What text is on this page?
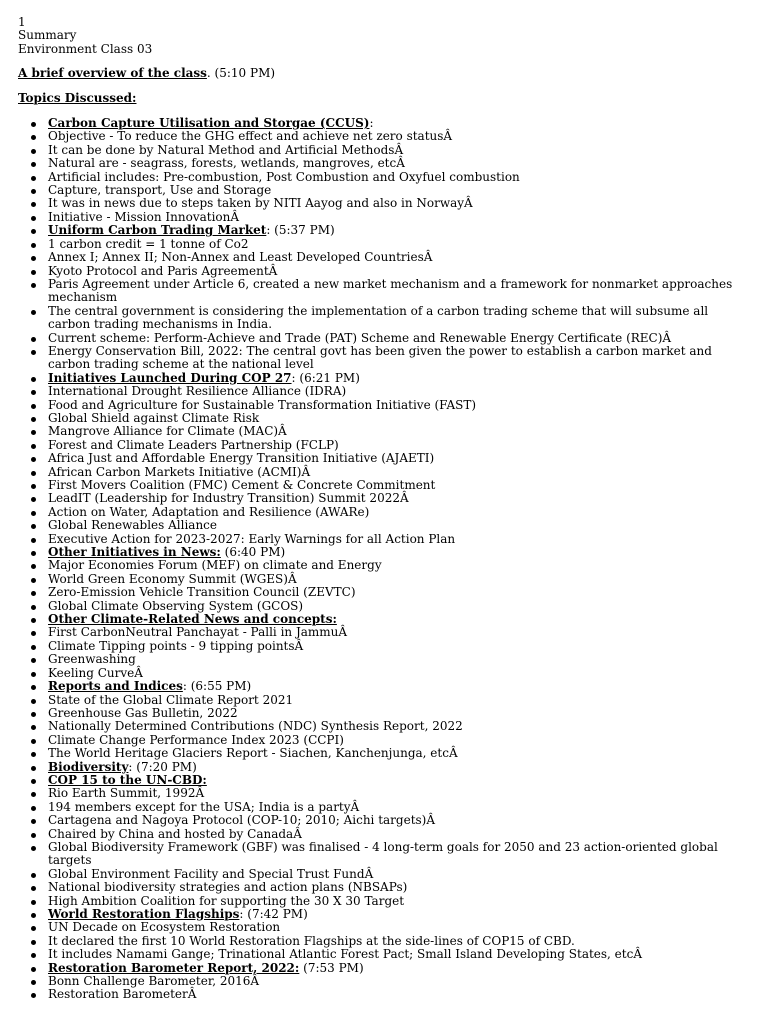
1
Summary
Environment Class 03

A brief overview of the class. (5:10 PM)

Topics Discussed:

Carbon Capture Utilisation and Storgae (CCUS):
Objective - To reduce the GHG effect and achieve net zero statusÂ
It can be done by Natural Method and Artificial MethodsÂ
Natural are - seagrass, forests, wetlands, mangroves, etcÂ
Artificial includes: Pre-combustion, Post Combustion and Oxyfuel combustion
Capture, transport, Use and Storage
It was in news due to steps taken by NITI Aayog and also in NorwayÂ
Initiative - Mission InnovationÂ
Uniform Carbon Trading Market: (5:37 PM)
1 carbon credit = 1 tonne of Co2
Annex I; Annex II; Non-Annex and Least Developed CountriesÂ
Kyoto Protocol and Paris AgreementÂ
Paris Agreement under Article 6, created a new market mechanism and a framework for nonmarket approaches mechanism
The central government is considering the implementation of a carbon trading scheme that will subsume all carbon trading mechanisms in India.
Current scheme: Perform-Achieve and Trade (PAT) Scheme and Renewable Energy Certificate (REC)Â
Energy Conservation Bill, 2022: The central govt has been given the power to establish a carbon market and carbon trading scheme at the national level
Initiatives Launched During COP 27: (6:21 PM)
International Drought Resilience Alliance (IDRA)
Food and Agriculture for Sustainable Transformation Initiative (FAST)
Global Shield against Climate Risk
Mangrove Alliance for Climate (MAC)Â
Forest and Climate Leaders Partnership (FCLP)
Africa Just and Affordable Energy Transition Initiative (AJAETI)
African Carbon Markets Initiative (ACMI)Â
First Movers Coalition (FMC) Cement & Concrete Commitment
LeadIT (Leadership for Industry Transition) Summit 2022Â
Action on Water, Adaptation and Resilience (AWARe)
Global Renewables Alliance
Executive Action for 2023-2027: Early Warnings for all Action Plan
Other Initiatives in News: (6:40 PM)
Major Economies Forum (MEF) on climate and Energy
World Green Economy Summit (WGES)Â
Zero-Emission Vehicle Transition Council (ZEVTC)
Global Climate Observing System (GCOS)
Other Climate-Related News and concepts:
First CarbonNeutral Panchayat - Palli in JammuÂ
Climate Tipping points - 9 tipping pointsÂ
Greenwashing
Keeling CurveÂ
Reports and Indices: (6:55 PM)
State of the Global Climate Report 2021
Greenhouse Gas Bulletin, 2022
Nationally Determined Contributions (NDC) Synthesis Report, 2022
Climate Change Performance Index 2023 (CCPI)
The World Heritage Glaciers Report - Siachen, Kanchenjunga, etcÂ
Biodiversity: (7:20 PM)
COP 15 to the UN-CBD:
Rio Earth Summit, 1992Â
194 members except for the USA; India is a partyÂ
Cartagena and Nagoya Protocol (COP-10; 2010; Aichi targets)Â
Chaired by China and hosted by CanadaÂ
Global Biodiversity Framework (GBF) was finalised - 4 long-term goals for 2050 and 23 action-oriented global targets
Global Environment Facility and Special Trust FundÂ
National biodiversity strategies and action plans (NBSAPs)
High Ambition Coalition for supporting the 30 X 30 Target
World Restoration Flagships: (7:42 PM)
UN Decade on Ecosystem Restoration
It declared the first 10 World Restoration Flagships at the side-lines of COP15 of CBD.
It includes Namami Gange; Trinational Atlantic Forest Pact; Small Island Developing States, etcÂ
Restoration Barometer Report, 2022: (7:53 PM)
Bonn Challenge Barometer, 2016Â
Restoration BarometerÂ
